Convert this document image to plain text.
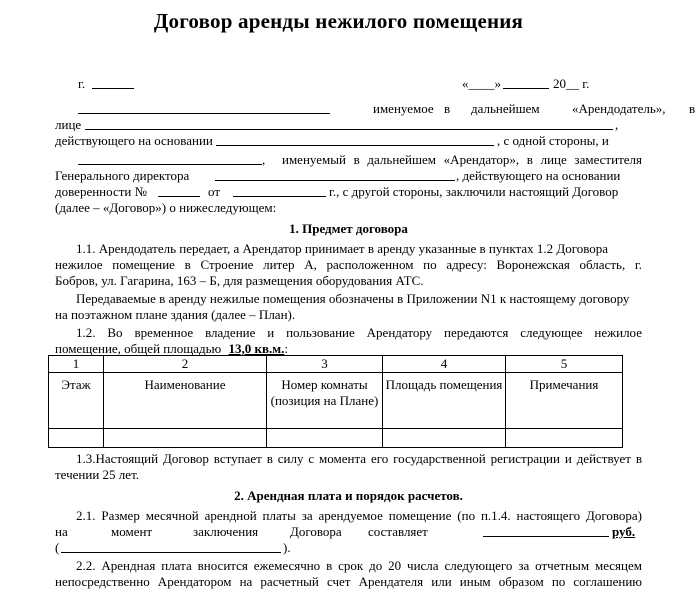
Договор аренды нежилого помещения
г.	«____»	20__ г.
именуемое в дальнейшем «Арендодатель», в
лице	,
действующего на основании	, с одной стороны, и
, именуемый в дальнейшем «Арендатор», в лице заместителя
Генерального директора	, действующего на основании
доверенности №	от	г., с другой стороны, заключили настоящий Договор
(далее – «Договор») о нижеследующем:
1. Предмет договора
1.1. Арендодатель передает, а Арендатор принимает в аренду указанные в пунктах 1.2 Договора
нежилое помещение в Строение литер А, расположенном по адресу: Воронежская область, г.
Бобров, ул. Гагарина, 163 – Б, для размещения оборудования АТС.
Передаваемые в аренду нежилые помещения обозначены в Приложении N1 к настоящему договору
на поэтажном плане здания (далее – План).
1.2. Во временное владение и пользование Арендатору передаются следующее нежилое
помещение, общей площадью 13,0 кв.м.:
1	2	3	4	5
Этаж	Наименование	Номер комнаты (позиция на Плане)	Площадь помещения	Примечания

1.3.Настоящий Договор вступает в силу с момента его государственной регистрации и действует в
течении 25 лет.
2. Арендная плата и порядок расчетов.
2.1. Размер месячной арендной платы за арендуемое помещение (по п.1.4. настоящего Договора)
на	момент	заключения Договора составляет	руб.
(	).
2.2. Арендная плата вносится ежемесячно в срок до 20 числа следующего за отчетным месяцем
непосредственно Арендатором на расчетный счет Арендателя или иным образом по соглашению
